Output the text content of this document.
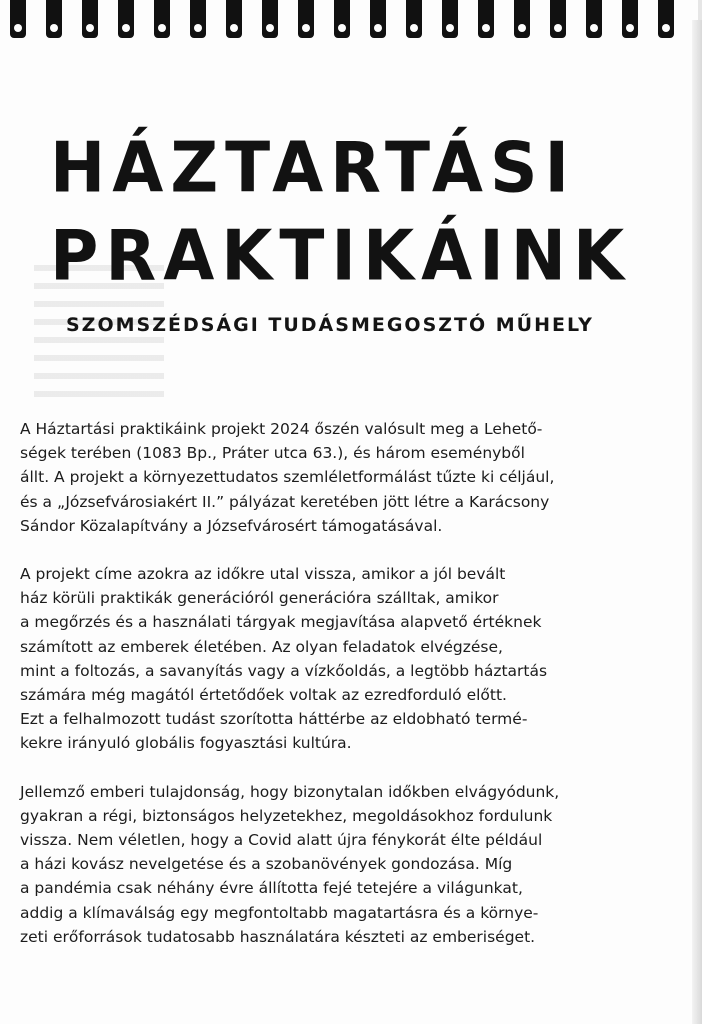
HÁZTARTÁSI
PRAKTIKÁINK
SZOMSZÉDSÁGI TUDÁSMEGOSZTÓ MŰHELY

A Háztartási praktikáink projekt 2024 őszén valósult meg a Lehető-
ségek terében (1083 Bp., Práter utca 63.), és három eseményből
állt. A projekt a környezettudatos szemléletformálást tűzte ki céljául,
és a „Józsefvárosiakért II.” pályázat keretében jött létre a Karácsony
Sándor Közalapítvány a Józsefvárosért támogatásával.

A projekt címe azokra az időkre utal vissza, amikor a jól bevált
ház körüli praktikák generációról generációra szálltak, amikor
a megőrzés és a használati tárgyak megjavítása alapvető értéknek
számított az emberek életében. Az olyan feladatok elvégzése,
mint a foltozás, a savanyítás vagy a vízkőoldás, a legtöbb háztartás
számára még magától értetődőek voltak az ezredforduló előtt.
Ezt a felhalmozott tudást szorította háttérbe az eldobható termé-
kekre irányuló globális fogyasztási kultúra.

Jellemző emberi tulajdonság, hogy bizonytalan időkben elvágyódunk,
gyakran a régi, biztonságos helyzetekhez, megoldásokhoz fordulunk
vissza. Nem véletlen, hogy a Covid alatt újra fénykorát élte például
a házi kovász nevelgetése és a szobanövények gondozása. Míg
a pandémia csak néhány évre állította fejé tetejére a világunkat,
addig a klímaválság egy megfontoltabb magatartásra és a környe-
zeti erőforrások tudatosabb használatára készteti az emberiséget.
